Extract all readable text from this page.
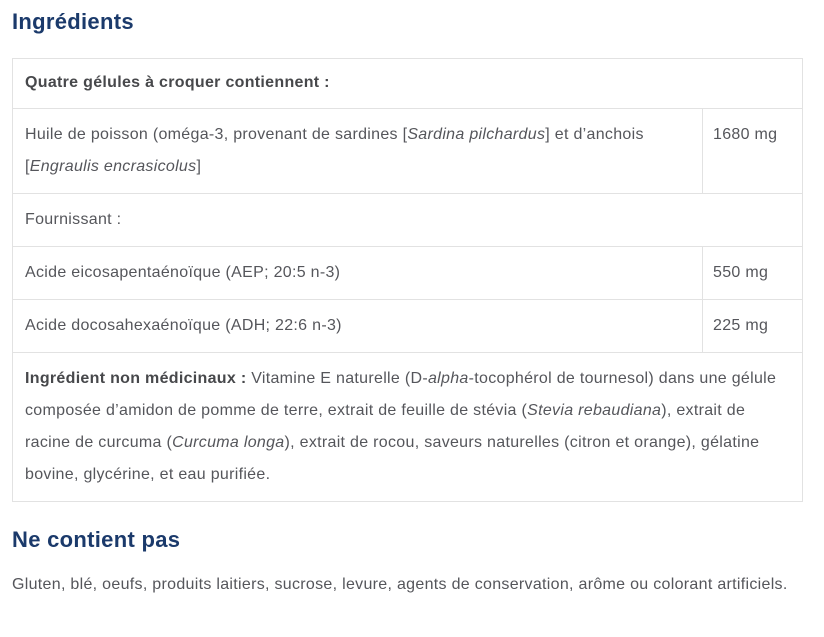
Ingrédients
Quatre gélules à croquer contiennent :
Huile de poisson (oméga-3, provenant de sardines [Sardina pilchardus] et d’anchois [Engraulis encrasicolus]
1680 mg
Fournissant :
Acide eicosapentaénoïque (AEP; 20:5 n-3)	550 mg
Acide docosahexaénoïque (ADH; 22:6 n-3)	225 mg
Ingrédient non médicinaux : Vitamine E naturelle (D-alpha-tocophérol de tournesol) dans une gélule composée d’amidon de pomme de terre, extrait de feuille de stévia (Stevia rebaudiana), extrait de racine de curcuma (Curcuma longa), extrait de rocou, saveurs naturelles (citron et orange), gélatine bovine, glycérine, et eau purifiée.
Ne contient pas

Gluten, blé, oeufs, produits laitiers, sucrose, levure, agents de conservation, arôme ou colorant artificiels.
